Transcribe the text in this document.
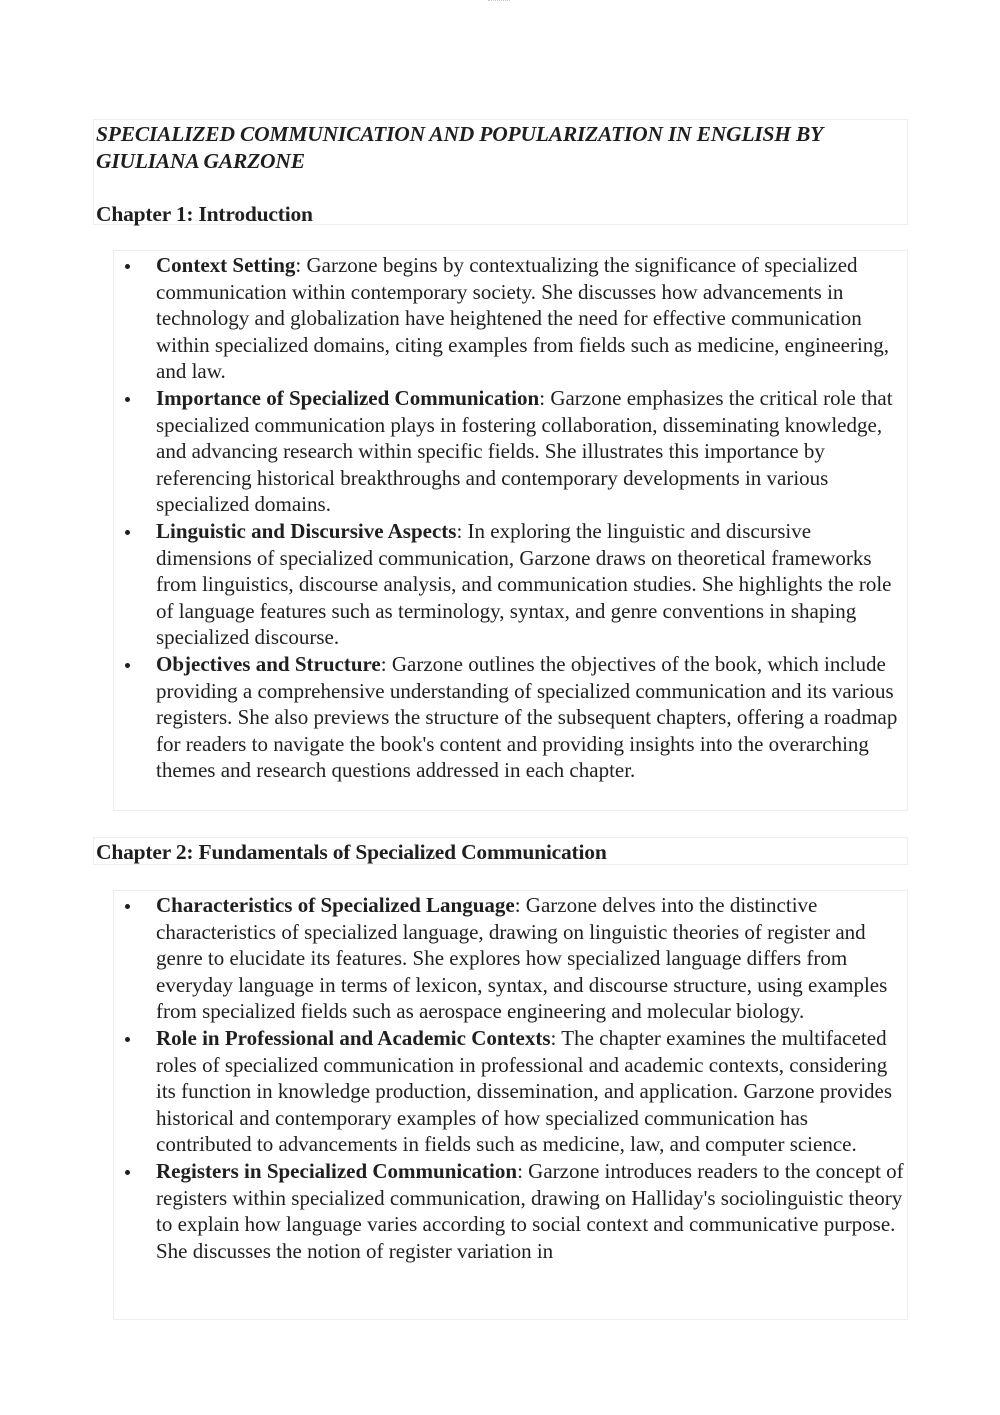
SPECIALIZED COMMUNICATION AND POPULARIZATION IN ENGLISH BY GIULIANA GARZONE
Chapter 1: Introduction
Context Setting: Garzone begins by contextualizing the significance of specialized communication within contemporary society. She discusses how advancements in technology and globalization have heightened the need for effective communication within specialized domains, citing examples from fields such as medicine, engineering, and law.
Importance of Specialized Communication: Garzone emphasizes the critical role that specialized communication plays in fostering collaboration, disseminating knowledge, and advancing research within specific fields. She illustrates this importance by referencing historical breakthroughs and contemporary developments in various specialized domains.
Linguistic and Discursive Aspects: In exploring the linguistic and discursive dimensions of specialized communication, Garzone draws on theoretical frameworks from linguistics, discourse analysis, and communication studies. She highlights the role of language features such as terminology, syntax, and genre conventions in shaping specialized discourse.
Objectives and Structure: Garzone outlines the objectives of the book, which include providing a comprehensive understanding of specialized communication and its various registers. She also previews the structure of the subsequent chapters, offering a roadmap for readers to navigate the book's content and providing insights into the overarching themes and research questions addressed in each chapter.
Chapter 2: Fundamentals of Specialized Communication
Characteristics of Specialized Language: Garzone delves into the distinctive characteristics of specialized language, drawing on linguistic theories of register and genre to elucidate its features. She explores how specialized language differs from everyday language in terms of lexicon, syntax, and discourse structure, using examples from specialized fields such as aerospace engineering and molecular biology.
Role in Professional and Academic Contexts: The chapter examines the multifaceted roles of specialized communication in professional and academic contexts, considering its function in knowledge production, dissemination, and application. Garzone provides historical and contemporary examples of how specialized communication has contributed to advancements in fields such as medicine, law, and computer science.
Registers in Specialized Communication: Garzone introduces readers to the concept of registers within specialized communication, drawing on Halliday's sociolinguistic theory to explain how language varies according to social context and communicative purpose. She discusses the notion of register variation in
